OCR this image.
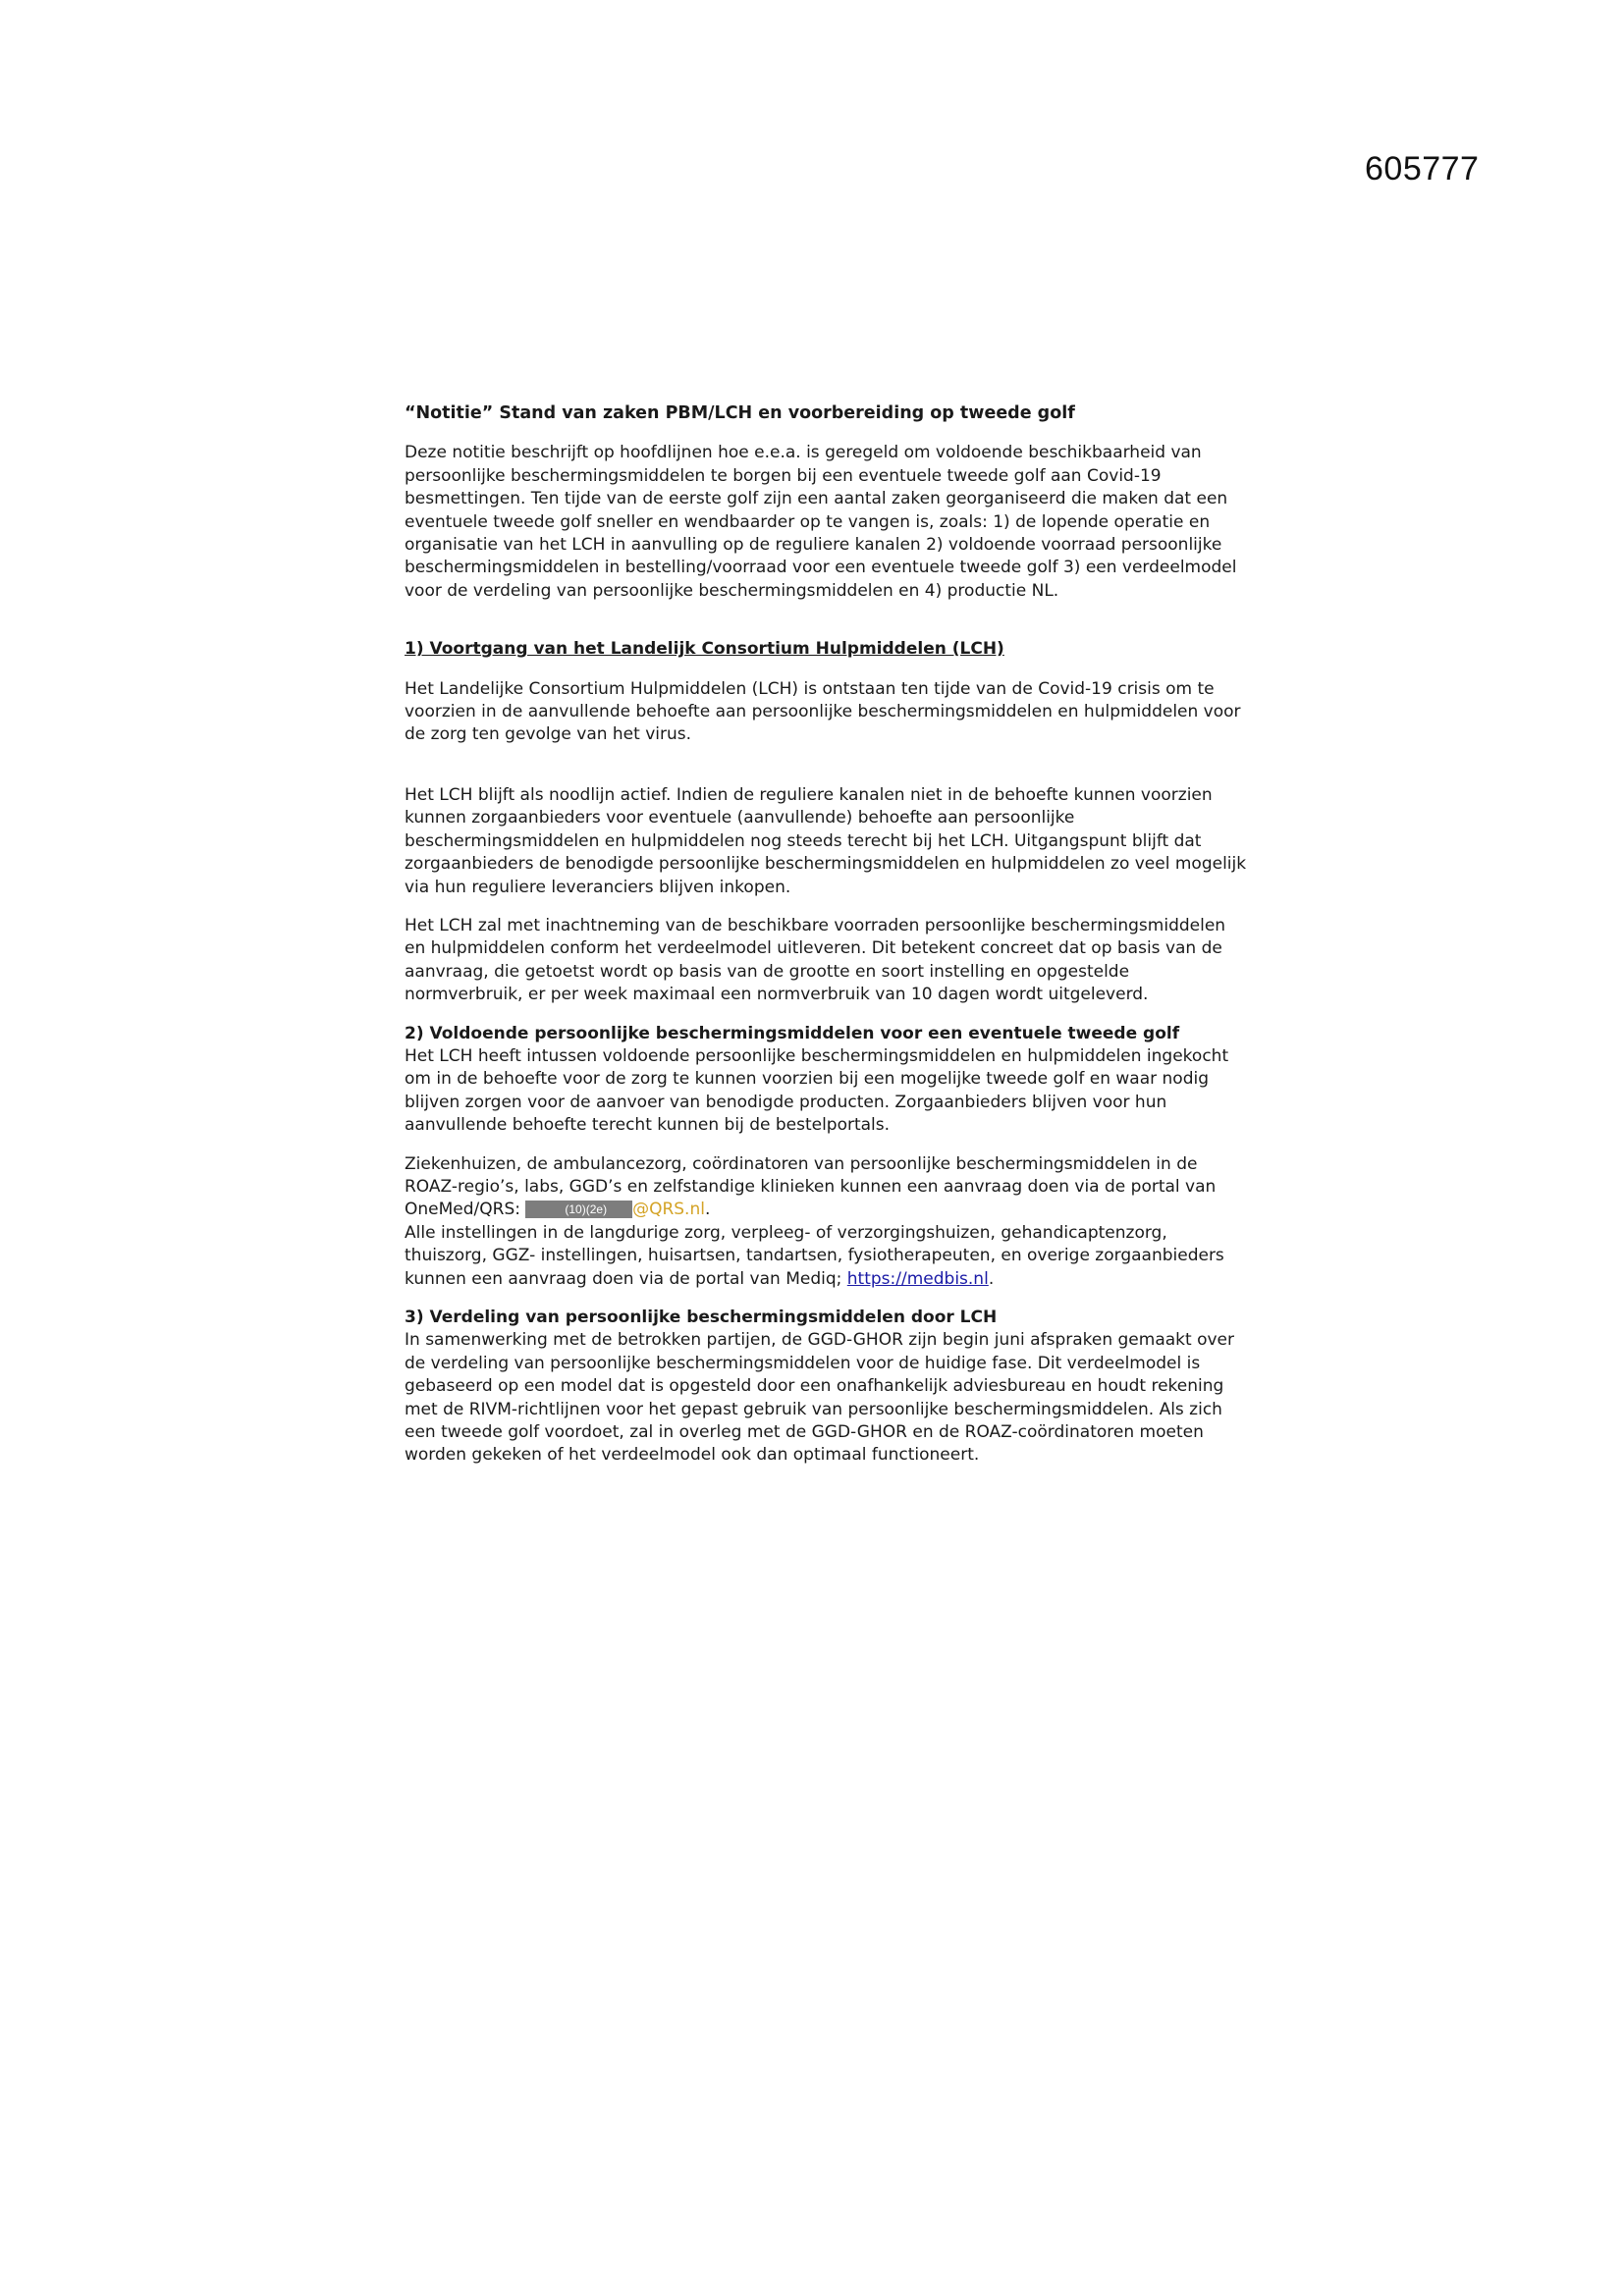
605777

“Notitie” Stand van zaken PBM/LCH en voorbereiding op tweede golf

Deze notitie beschrijft op hoofdlijnen hoe e.e.a. is geregeld om voldoende beschikbaarheid van persoonlijke beschermingsmiddelen te borgen bij een eventuele tweede golf aan Covid-19 besmettingen. Ten tijde van de eerste golf zijn een aantal zaken georganiseerd die maken dat een eventuele tweede golf sneller en wendbaarder op te vangen is, zoals: 1) de lopende operatie en organisatie van het LCH in aanvulling op de reguliere kanalen 2) voldoende voorraad persoonlijke beschermingsmiddelen in bestelling/voorraad voor een eventuele tweede golf 3) een verdeelmodel voor de verdeling van persoonlijke beschermingsmiddelen en 4) productie NL.

1) Voortgang van het Landelijk Consortium Hulpmiddelen (LCH)

Het Landelijke Consortium Hulpmiddelen (LCH) is ontstaan ten tijde van de Covid-19 crisis om te voorzien in de aanvullende behoefte aan persoonlijke beschermingsmiddelen en hulpmiddelen voor de zorg ten gevolge van het virus.

Het LCH blijft als noodlijn actief. Indien de reguliere kanalen niet in de behoefte kunnen voorzien kunnen zorgaanbieders voor eventuele (aanvullende) behoefte aan persoonlijke beschermingsmiddelen en hulpmiddelen nog steeds terecht bij het LCH. Uitgangspunt blijft dat zorgaanbieders de benodigde persoonlijke beschermingsmiddelen en hulpmiddelen zo veel mogelijk via hun reguliere leveranciers blijven inkopen.

Het LCH zal met inachtneming van de beschikbare voorraden persoonlijke beschermingsmiddelen en hulpmiddelen conform het verdeelmodel uitleveren. Dit betekent concreet dat op basis van de aanvraag, die getoetst wordt op basis van de grootte en soort instelling en opgestelde normverbruik, er per week maximaal een normverbruik van 10 dagen wordt uitgeleverd.

2) Voldoende persoonlijke beschermingsmiddelen voor een eventuele tweede golf

Het LCH heeft intussen voldoende persoonlijke beschermingsmiddelen en hulpmiddelen ingekocht om in de behoefte voor de zorg te kunnen voorzien bij een mogelijke tweede golf en waar nodig blijven zorgen voor de aanvoer van benodigde producten. Zorgaanbieders blijven voor hun aanvullende behoefte terecht kunnen bij de bestelportals.

Ziekenhuizen, de ambulancezorg, coördinatoren van persoonlijke beschermingsmiddelen in de ROAZ-regio’s, labs, GGD’s en zelfstandige klinieken kunnen een aanvraag doen via de portal van OneMed/QRS:	(10)(2e) @QRS.nl.

Alle instellingen in de langdurige zorg, verpleeg- of verzorgingshuizen, gehandicaptenzorg, thuiszorg, GGZ- instellingen, huisartsen, tandartsen, fysiotherapeuten, en overige zorgaanbieders kunnen een aanvraag doen via de portal van Mediq; https://medbis.nl.

3) Verdeling van persoonlijke beschermingsmiddelen door LCH

In samenwerking met de betrokken partijen, de GGD-GHOR zijn begin juni afspraken gemaakt over de verdeling van persoonlijke beschermingsmiddelen voor de huidige fase. Dit verdeelmodel is gebaseerd op een model dat is opgesteld door een onafhankelijk adviesbureau en houdt rekening met de RIVM-richtlijnen voor het gepast gebruik van persoonlijke beschermingsmiddelen. Als zich een tweede golf voordoet, zal in overleg met de GGD-GHOR en de ROAZ-coördinatoren moeten worden gekeken of het verdeelmodel ook dan optimaal functioneert.
